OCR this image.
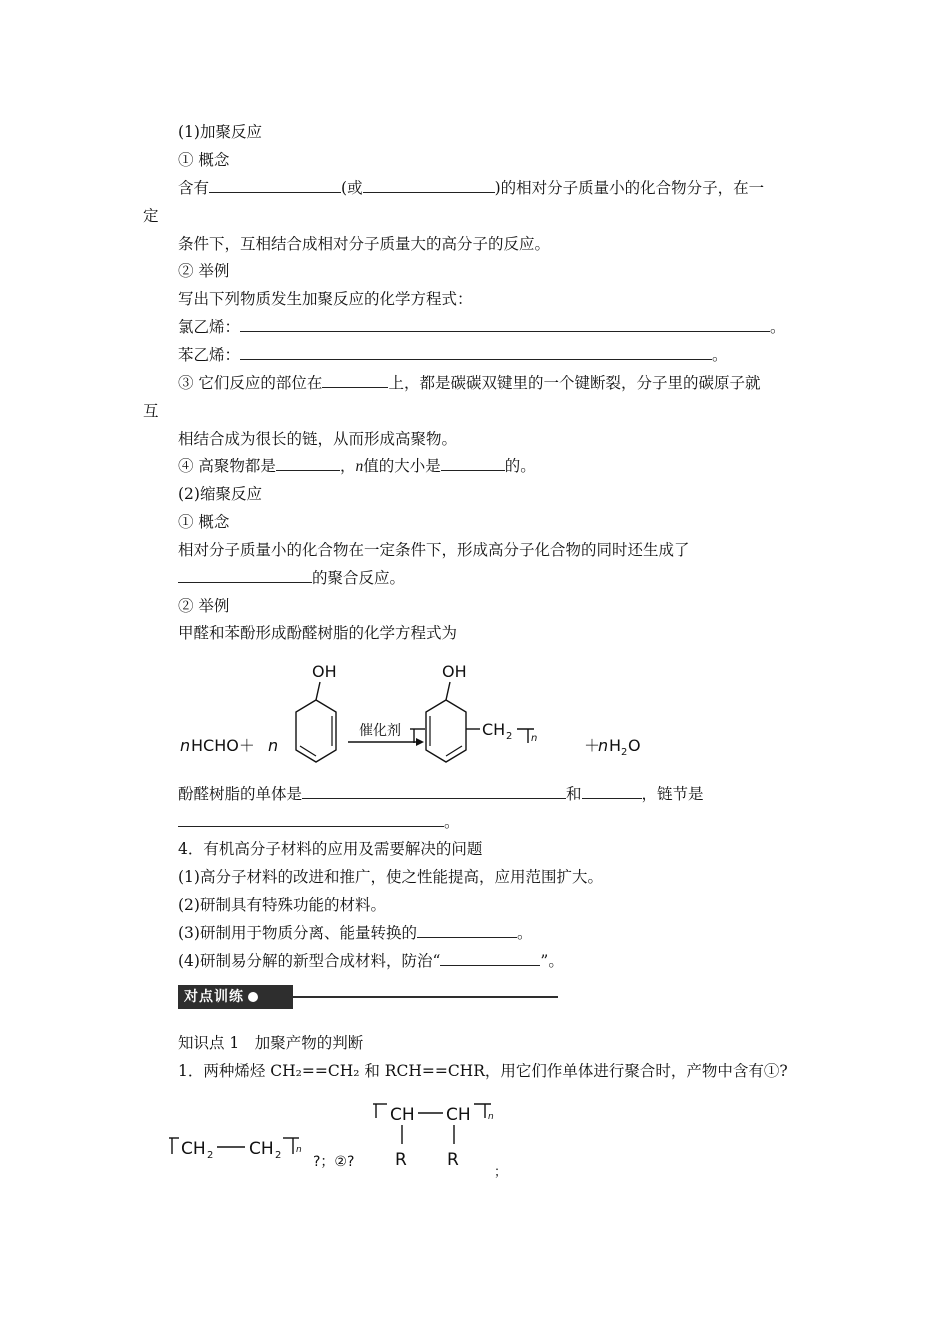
(1)加聚反应
① 概念
含有	(或	)的相对分子质量小的化合物分子，在一
定
条件下，互相结合成相对分子质量大的高分子的反应。
② 举例
写出下列物质发生加聚反应的化学方程式：
氯乙烯：	。
苯乙烯：	。
③ 它们反应的部位在	上，都是碳碳双键里的一个键断裂，分子里的碳原子就
互
相结合成为很长的链，从而形成高聚物。
④ 高聚物都是	，n值的大小是	的。
(2)缩聚反应
① 概念
相对分子质量小的化合物在一定条件下，形成高分子化合物的同时还生成了
的聚合反应。
② 举例
甲醛和苯酚形成酚醛树脂的化学方程式为
OH
n HCHO＋ n
催化剂
OH
CH 2 n	＋
n H 2 O
酚醛树脂的单体是	和	，链节是
。
4．有机高分子材料的应用及需要解决的问题
(1)高分子材料的改进和推广，使之性能提高，应用范围扩大。
(2)研制具有特殊功能的材料。
(3)研制用于物质分离、能量转换的	。
(4)研制易分解的新型合成材料，防治“	”。
对点训练
知识点 1　加聚产物的判断
1．两种烯烃 CH₂==CH₂ 和 RCH==CHR，用它们作单体进行聚合时，产物中含有①?
CH 2 CH 2 n
?；②?
CH CH n
R R
；
